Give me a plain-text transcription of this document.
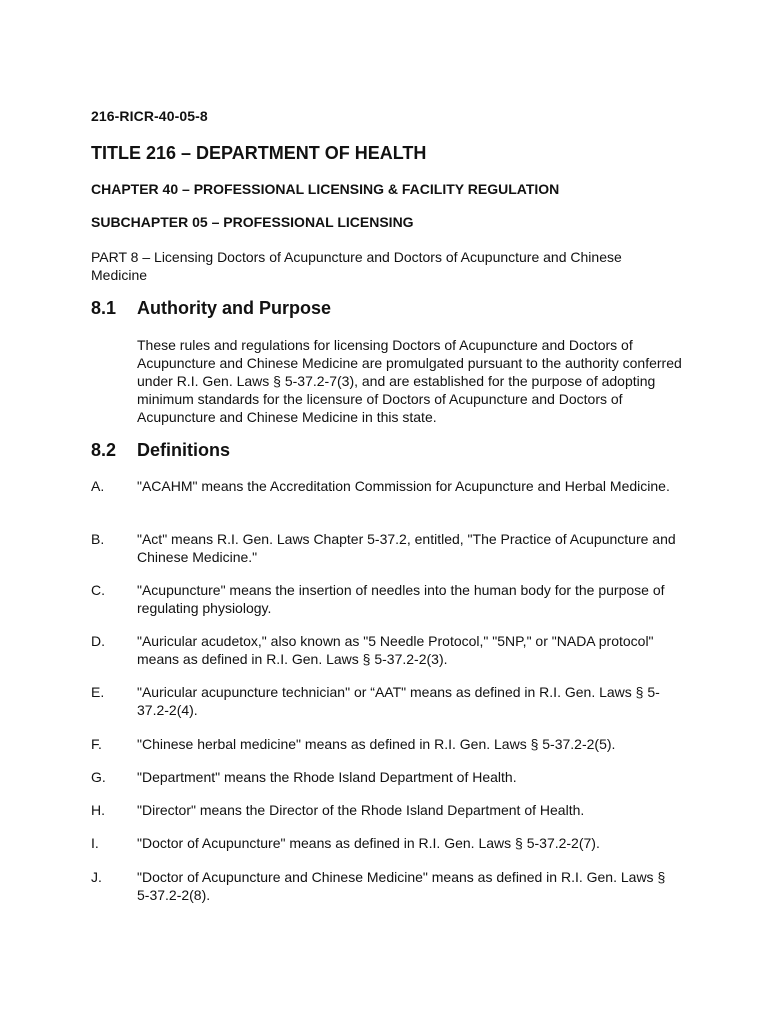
216-RICR-40-05-8
TITLE 216 – DEPARTMENT OF HEALTH
CHAPTER 40 – PROFESSIONAL LICENSING & FACILITY REGULATION
SUBCHAPTER 05 – PROFESSIONAL LICENSING
PART 8 – Licensing Doctors of Acupuncture and Doctors of Acupuncture and Chinese Medicine
8.1	Authority and Purpose
These rules and regulations for licensing Doctors of Acupuncture and Doctors of Acupuncture and Chinese Medicine are promulgated pursuant to the authority conferred under R.I. Gen. Laws § 5-37.2-7(3), and are established for the purpose of adopting minimum standards for the licensure of Doctors of Acupuncture and Doctors of Acupuncture and Chinese Medicine in this state.
8.2	Definitions
A.	"ACAHM" means the Accreditation Commission for Acupuncture and Herbal Medicine.
B.	"Act" means R.I. Gen. Laws Chapter 5-37.2, entitled, "The Practice of Acupuncture and Chinese Medicine."
C.	"Acupuncture" means the insertion of needles into the human body for the purpose of regulating physiology.
D.	"Auricular acudetox," also known as "5 Needle Protocol," "5NP," or "NADA protocol" means as defined in R.I. Gen. Laws § 5-37.2-2(3).
E.	"Auricular acupuncture technician" or “AAT" means as defined in R.I. Gen. Laws § 5-37.2-2(4).
F.	"Chinese herbal medicine" means as defined in R.I. Gen. Laws § 5-37.2-2(5).
G.	"Department" means the Rhode Island Department of Health.
H.	"Director" means the Director of the Rhode Island Department of Health.
I.	"Doctor of Acupuncture" means as defined in R.I. Gen. Laws § 5-37.2-2(7).
J.	"Doctor of Acupuncture and Chinese Medicine" means as defined in R.I. Gen. Laws § 5-37.2-2(8).
